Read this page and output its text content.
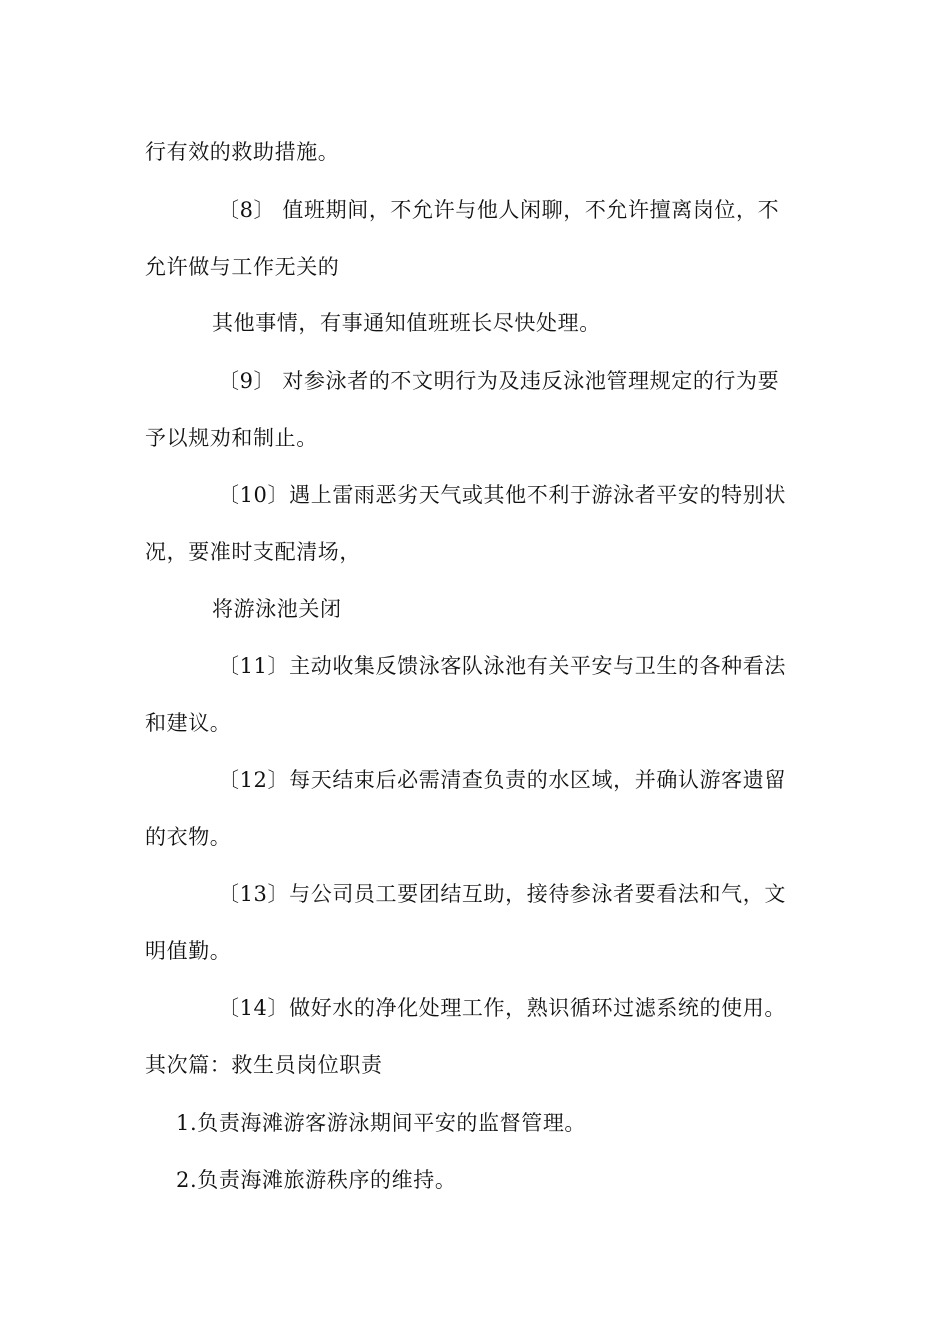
行有效的救助措施。
〔8〕 值班期间，不允许与他人闲聊，不允许擅离岗位，不
允许做与工作无关的
其他事情，有事通知值班班长尽快处理。
〔9〕 对参泳者的不文明行为及违反泳池管理规定的行为要
予以规劝和制止。
〔10〕遇上雷雨恶劣天气或其他不利于游泳者平安的特别状
况，要准时支配清场，
将游泳池关闭
〔11〕主动收集反馈泳客队泳池有关平安与卫生的各种看法
和建议。
〔12〕每天结束后必需清查负责的水区域，并确认游客遗留
的衣物。
〔13〕与公司员工要团结互助，接待参泳者要看法和气，文
明值勤。
〔14〕做好水的净化处理工作，熟识循环过滤系统的使用。
其次篇：救生员岗位职责
1.负责海滩游客游泳期间平安的监督管理。
2.负责海滩旅游秩序的维持。
